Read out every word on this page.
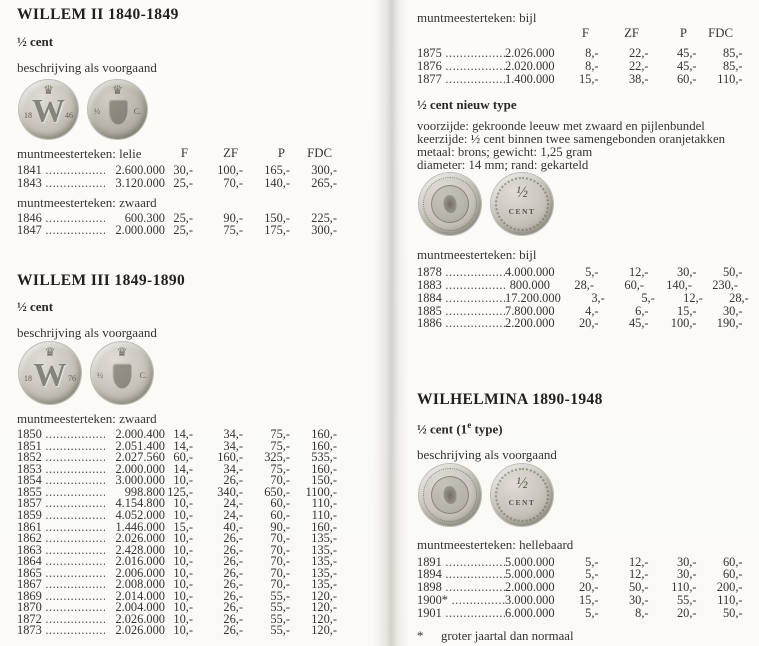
WILLEM II 1840-1849
½ cent
beschrijving als voorgaand
♛
W
18	46
♛
½	C.
muntmeesterteken: lelie	F	ZF	P	FDC
1841 .....	2.600.000 30,-	100,-	165,-	300,-
1843 .....	3.120.000 25,-	70,-	140,-	265,-
muntmeesterteken: zwaard
1846 .....	600.300 25,-	90,-	150,-	225,-
1847 .....	2.000.000 25,-	75,-	175,-	300,-
WILLEM III 1849-1890
½ cent
beschrijving als voorgaand
♛
W
18	76
♛
½	C.
muntmeesterteken: zwaard
1850 .....	2.000.400 14,-	34,-	75,-	160,-
1851 .....	2.051.400 14,-	34,-	75,-	160,-
1852 .....	2.027.560 60,-	160,-	325,-	535,-
1853 .....	2.000.000 14,-	34,-	75,-	160,-
1854 .....	3.000.000 10,-	26,-	70,-	150,-
1855 .....	998.800 125,-	340,-	650,-	1100,-
1857 .....	4.154.800 10,-	24,-	60,-	110,-
1859 .....	4.052.000 10,-	24,-	60,-	110,-
1861 .....	1.446.000 15,-	40,-	90,-	160,-
1862 .....	2.026.000 10,-	26,-	70,-	135,-
1863 .....	2.428.000 10,-	26,-	70,-	135,-
1864 .....	2.016.000 10,-	26,-	70,-	135,-
1865 .....	2.006.000 10,-	26,-	70,-	135,-
1867 .....	2.008.000 10,-	26,-	70,-	135,-
1869 .....	2.014.000 10,-	26,-	55,-	120,-
1870 .....	2.004.000 10,-	26,-	55,-	120,-
1872 .....	2.026.000 10,-	26,-	55,-	120,-
1873 .....	2.026.000 10,-	26,-	55,-	120,-
muntmeesterteken: bijl
F	ZF	P	FDC
1875 .....	2.026.000	8,-	22,-	45,-	85,-
1876 .....	2.020.000	8,-	22,-	45,-	85,-
1877 .....	1.400.000	15,-	38,-	60,-	110,-
½ cent nieuw type
voorzijde: gekroonde leeuw met zwaard en pijlenbundel
keerzijde: ½ cent binnen twee samengebonden oranjetakken
metaal: brons; gewicht: 1,25 gram
diameter: 14 mm; rand: gekarteld
½
CENT
muntmeesterteken: bijl
1878 .....	4.000.000	5,-	12,-	30,-	50,-
1883 .....	800.000	28,-	60,-	140,-	230,-
1884 .....	17.200.000	3,-	5,-	12,-	28,-
1885 .....	7.800.000	4,-	6,-	15,-	30,-
1886 .....	2.200.000	20,-	45,-	100,-	190,-
WILHELMINA 1890-1948
½ cent (1e type)
beschrijving als voorgaand
½
CENT
muntmeesterteken: hellebaard
1891 .....	5.000.000	5,-	12,-	30,-	60,-
1894 .....	5.000.000	5,-	12,-	30,-	60,-
1898 .....	2.000.000	20,-	50,-	110,-	200,-
1900* .....	3.000.000	15,-	30,-	55,-	110,-
1901 .....	6.000.000	5,-	8,-	20,-	50,-
*	groter jaartal dan normaal
